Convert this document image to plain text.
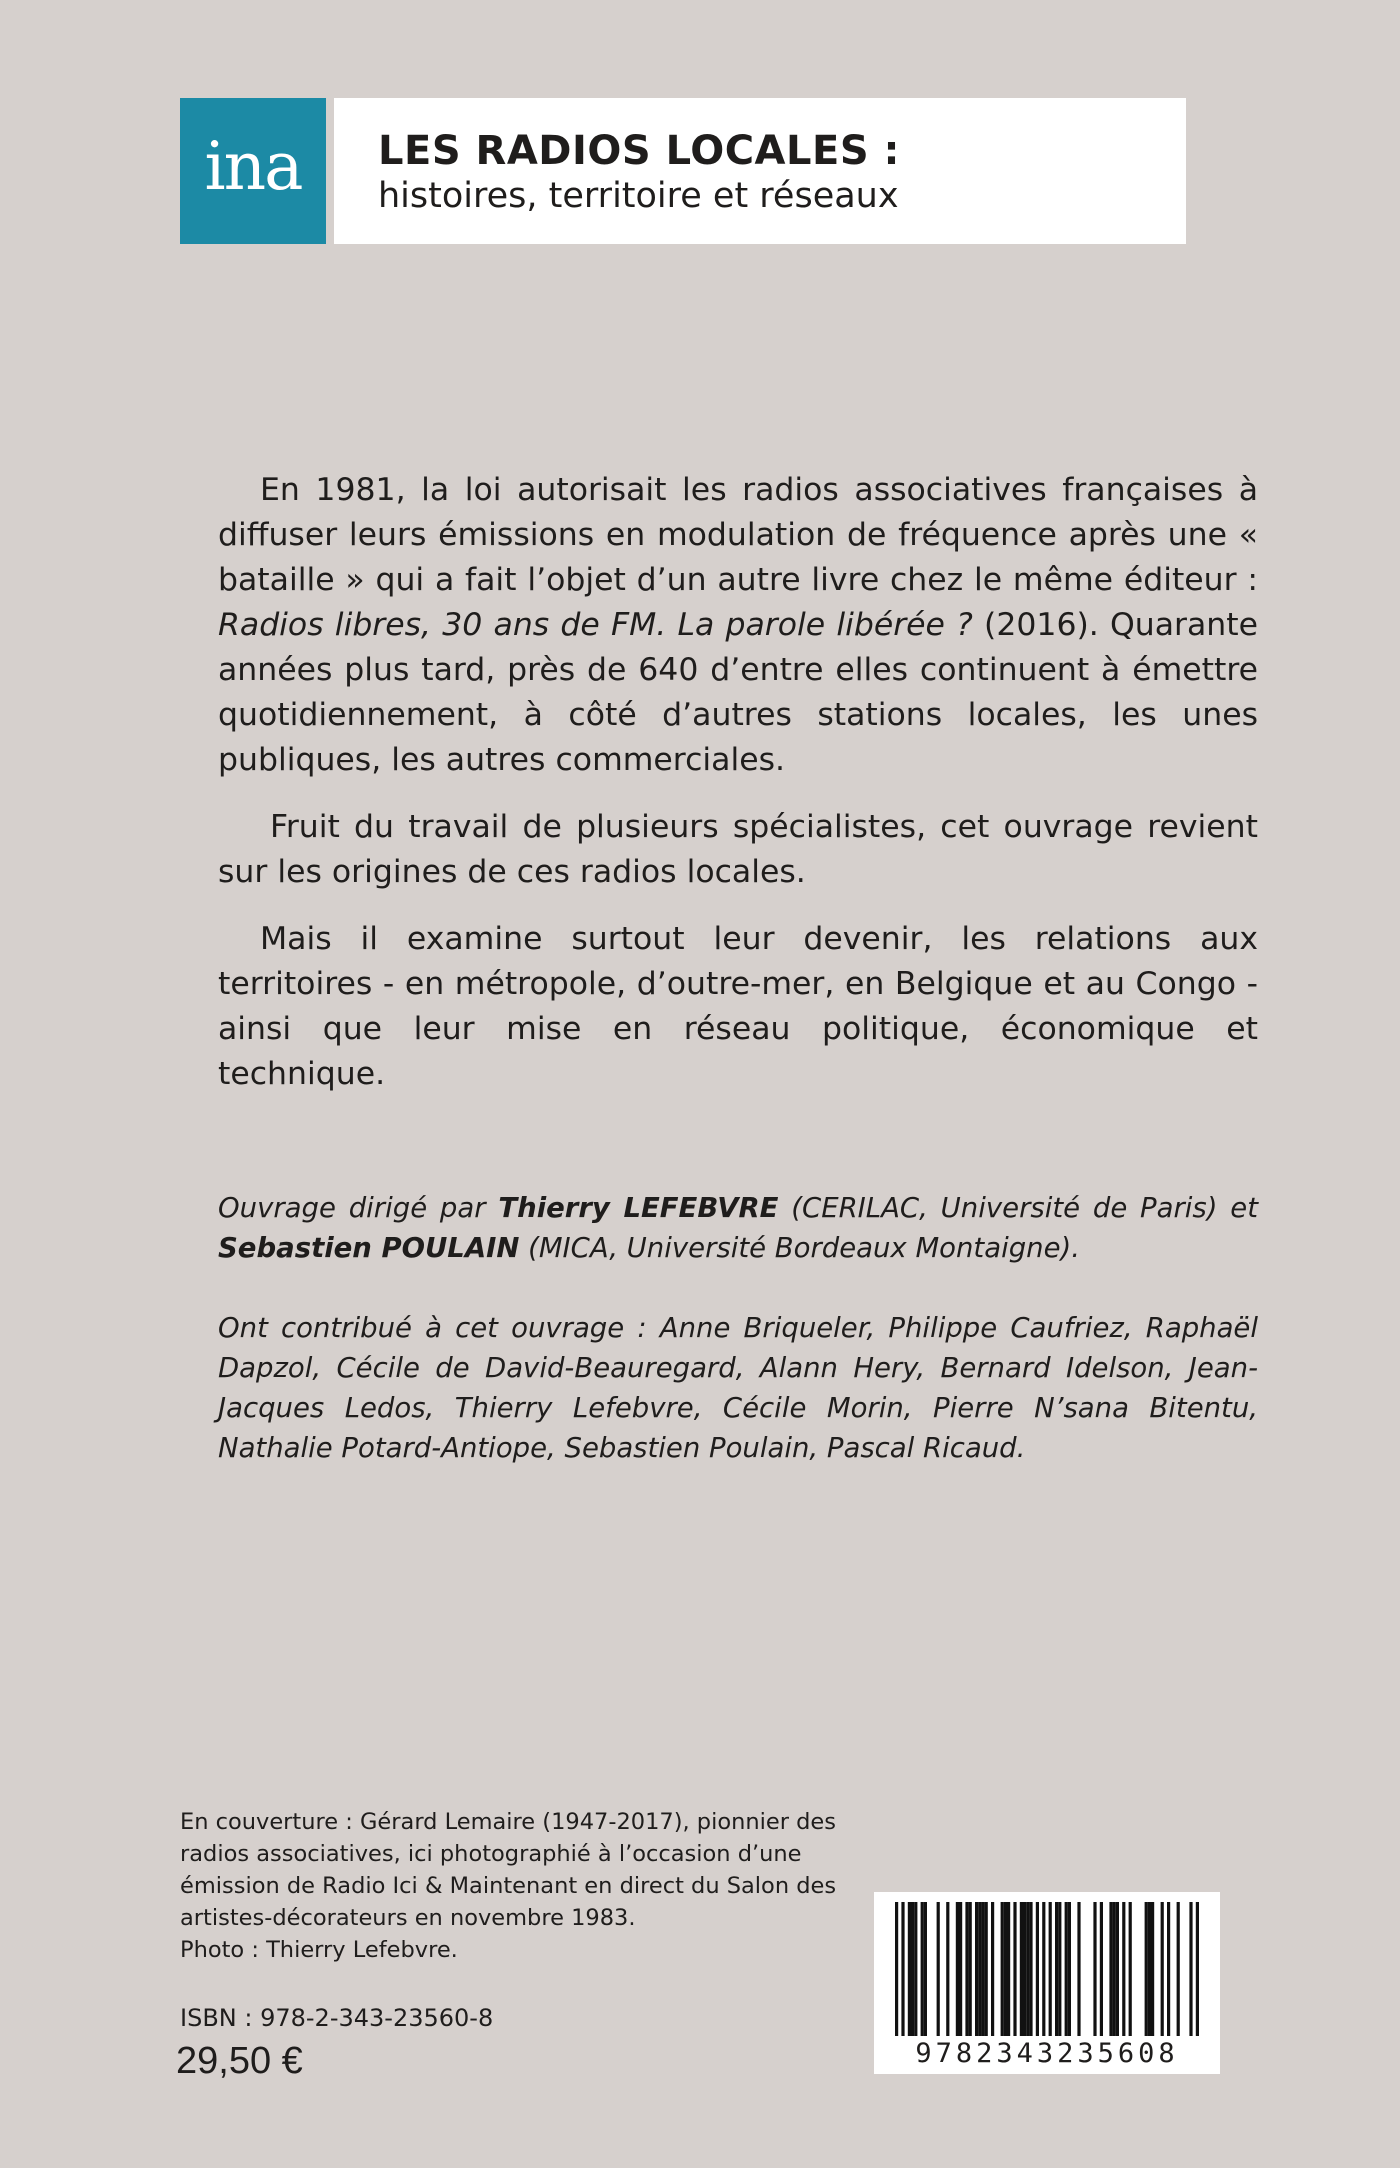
ina	LES RADIOS LOCALES :
histoires, territoire et réseaux

En 1981, la loi autorisait les radios associatives françaises à diffuser leurs émissions en modulation de fréquence après une « bataille » qui a fait l’objet d’un autre livre chez le même éditeur : Radios libres, 30 ans de FM. La parole libérée ? (2016). Quarante années plus tard, près de 640 d’entre elles continuent à émettre quotidiennement, à côté d’autres stations locales, les unes publiques, les autres commerciales.

Fruit du travail de plusieurs spécialistes, cet ouvrage revient sur les origines de ces radios locales.

Mais il examine surtout leur devenir, les relations aux territoires - en métropole, d’outre-mer, en Belgique et au Congo - ainsi que leur mise en réseau politique, économique et technique.

Ouvrage dirigé par Thierry LEFEBVRE (CERILAC, Université de Paris) et Sebastien POULAIN (MICA, Université Bordeaux Montaigne).

Ont contribué à cet ouvrage : Anne Briqueler, Philippe Caufriez, Raphaël Dapzol, Cécile de David-Beauregard, Alann Hery, Bernard Idelson, Jean-Jacques Ledos, Thierry Lefebvre, Cécile Morin, Pierre N’sana Bitentu, Nathalie Potard-Antiope, Sebastien Poulain, Pascal Ricaud.

En couverture : Gérard Lemaire (1947-2017), pionnier des
radios associatives, ici photographié à l’occasion d’une
émission de Radio Ici & Maintenant en direct du Salon des
artistes-décorateurs en novembre 1983.
Photo : Thierry Lefebvre.
ISBN : 978-2-343-23560-8
29,50 €	9782343235608
